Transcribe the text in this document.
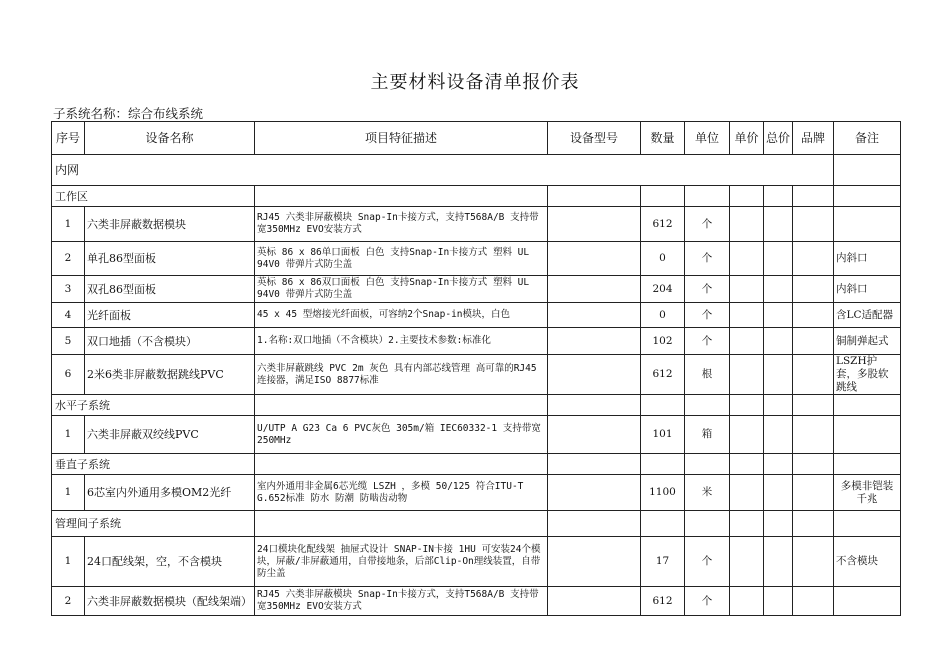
主要材料设备清单报价表
子系统名称：综合布线系统
序号	设备名称	项目特征描述	设备型号	数量	单位	单价	总价	品牌	备注
内网									
工作区									
1	六类非屏蔽数据模块	RJ45 六类非屏蔽模块 Snap-In卡接方式，支持T568A/B 支持带宽350MHz EVO安装方式		612	个				
2	单孔86型面板	英标 86 x 86单口面板 白色 支持Snap-In卡接方式 塑料 UL 94V0 带弹片式防尘盖		0	个				内斜口
3	双孔86型面板	英标 86 x 86双口面板 白色 支持Snap-In卡接方式 塑料 UL 94V0 带弹片式防尘盖		204	个				内斜口
4	光纤面板	45 x 45 型熔接光纤面板，可容纳2个Snap-in模块，白色		0	个				含LC适配器
5	双口地插（不含模块）	1.名称:双口地插（不含模块）2.主要技术参数:标准化		102	个				铜制弹起式
6	2米6类非屏蔽数据跳线PVC	六类非屏蔽跳线 PVC 2m 灰色 具有内部芯线管理 高可靠的RJ45连接器，满足ISO 8877标准		612	根				LSZH护套，多股软跳线
水平子系统									
1	六类非屏蔽双绞线PVC	U/UTP A G23 Ca 6 PVC灰色 305m/箱 IEC60332-1 支持带宽250MHz		101	箱				
垂直子系统									
1	6芯室内外通用多模OM2光纤	室内外通用非金属6芯光缆 LSZH ，多模 50/125 符合ITU-T G.652标准 防水 防潮 防啮齿动物		1100	米				多模非铠装千兆
管理间子系统									
1	24口配线架，空，不含模块	24口模块化配线架 抽屉式设计 SNAP-IN卡接 1HU 可安装24个模块，屏蔽/非屏蔽通用，自带接地条，后部Clip-On理线装置，自带防尘盖		17	个				不含模块
2	六类非屏蔽数据模块（配线架端）	RJ45 六类非屏蔽模块 Snap-In卡接方式，支持T568A/B 支持带宽350MHz EVO安装方式		612	个				
